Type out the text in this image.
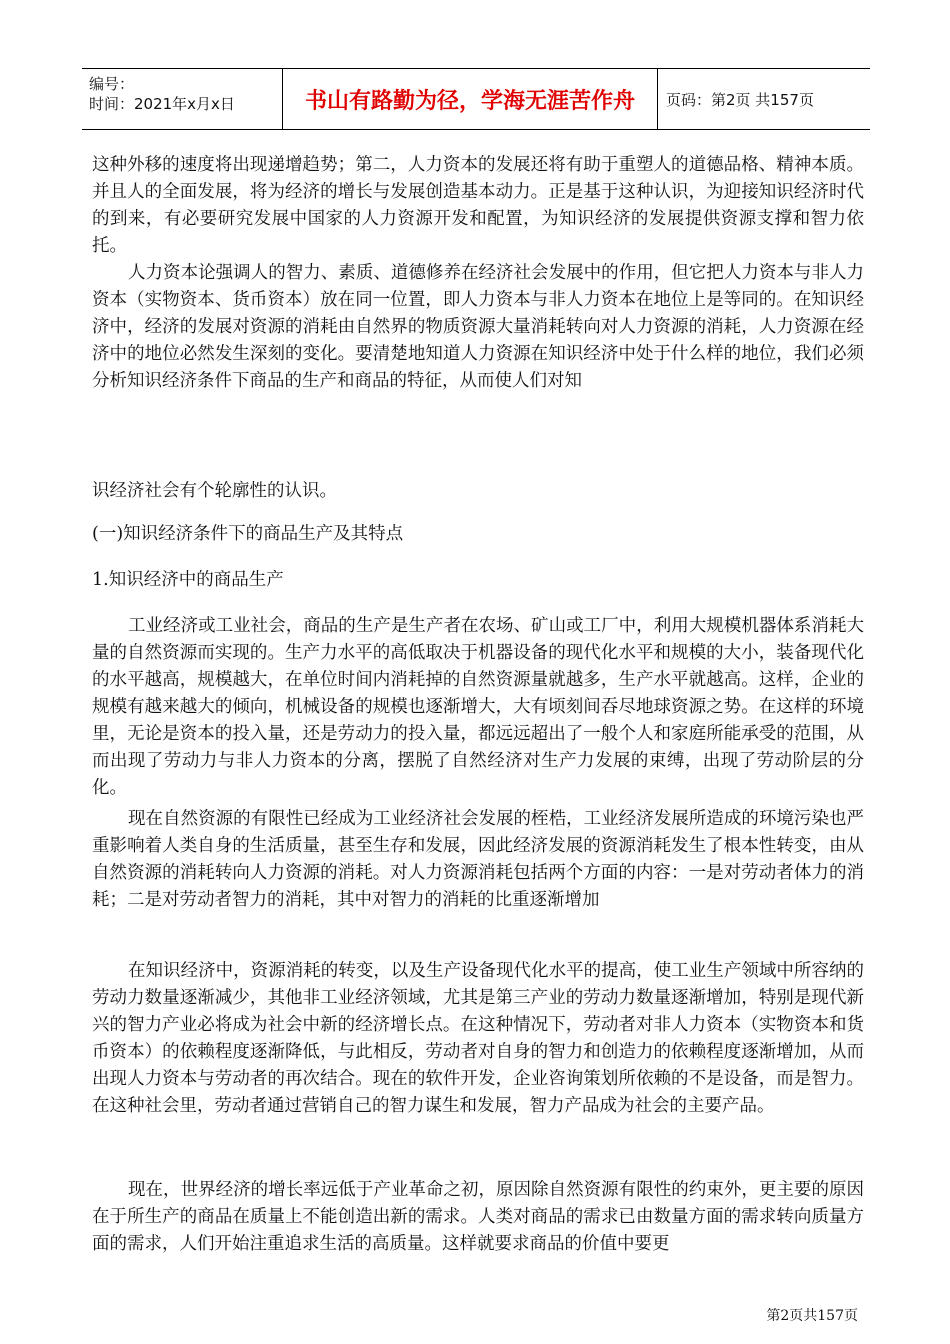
编号：
时间：2021年x月x日	书山有路勤为径，学海无涯苦作舟	页码：第2页 共157页

这种外移的速度将出现递增趋势；第二，人力资本的发展还将有助于重塑人的道德品格、精神本质。并且人的全面发展，将为经济的增长与发展创造基本动力。正是基于这种认识，为迎接知识经济时代的到来，有必要研究发展中国家的人力资源开发和配置，为知识经济的发展提供资源支撑和智力依托。

人力资本论强调人的智力、素质、道德修养在经济社会发展中的作用，但它把人力资本与非人力资本（实物资本、货币资本）放在同一位置，即人力资本与非人力资本在地位上是等同的。在知识经济中，经济的发展对资源的消耗由自然界的物质资源大量消耗转向对人力资源的消耗，人力资源在经济中的地位必然发生深刻的变化。要清楚地知道人力资源在知识经济中处于什么样的地位，我们必须分析知识经济条件下商品的生产和商品的特征，从而使人们对知

识经济社会有个轮廓性的认识。

(一)知识经济条件下的商品生产及其特点

1.知识经济中的商品生产

工业经济或工业社会，商品的生产是生产者在农场、矿山或工厂中，利用大规模机器体系消耗大量的自然资源而实现的。生产力水平的高低取决于机器设备的现代化水平和规模的大小，装备现代化的水平越高，规模越大，在单位时间内消耗掉的自然资源量就越多，生产水平就越高。这样，企业的规模有越来越大的倾向，机械设备的规模也逐渐增大，大有顷刻间吞尽地球资源之势。在这样的环境里，无论是资本的投入量，还是劳动力的投入量，都远远超出了一般个人和家庭所能承受的范围，从而出现了劳动力与非人力资本的分离，摆脱了自然经济对生产力发展的束缚，出现了劳动阶层的分化。

现在自然资源的有限性已经成为工业经济社会发展的桎梏，工业经济发展所造成的环境污染也严重影响着人类自身的生活质量，甚至生存和发展，因此经济发展的资源消耗发生了根本性转变，由从自然资源的消耗转向人力资源的消耗。对人力资源消耗包括两个方面的内容：一是对劳动者体力的消耗；二是对劳动者智力的消耗，其中对智力的消耗的比重逐渐增加

在知识经济中，资源消耗的转变，以及生产设备现代化水平的提高，使工业生产领域中所容纳的劳动力数量逐渐减少，其他非工业经济领域，尤其是第三产业的劳动力数量逐渐增加，特别是现代新兴的智力产业必将成为社会中新的经济增长点。在这种情况下，劳动者对非人力资本（实物资本和货币资本）的依赖程度逐渐降低，与此相反，劳动者对自身的智力和创造力的依赖程度逐渐增加，从而出现人力资本与劳动者的再次结合。现在的软件开发，企业咨询策划所依赖的不是设备，而是智力。在这种社会里，劳动者通过营销自己的智力谋生和发展，智力产品成为社会的主要产品。

现在，世界经济的增长率远低于产业革命之初，原因除自然资源有限性的约束外，更主要的原因在于所生产的商品在质量上不能创造出新的需求。人类对商品的需求已由数量方面的需求转向质量方面的需求，人们开始注重追求生活的高质量。这样就要求商品的价值中要更

第2页共157页
